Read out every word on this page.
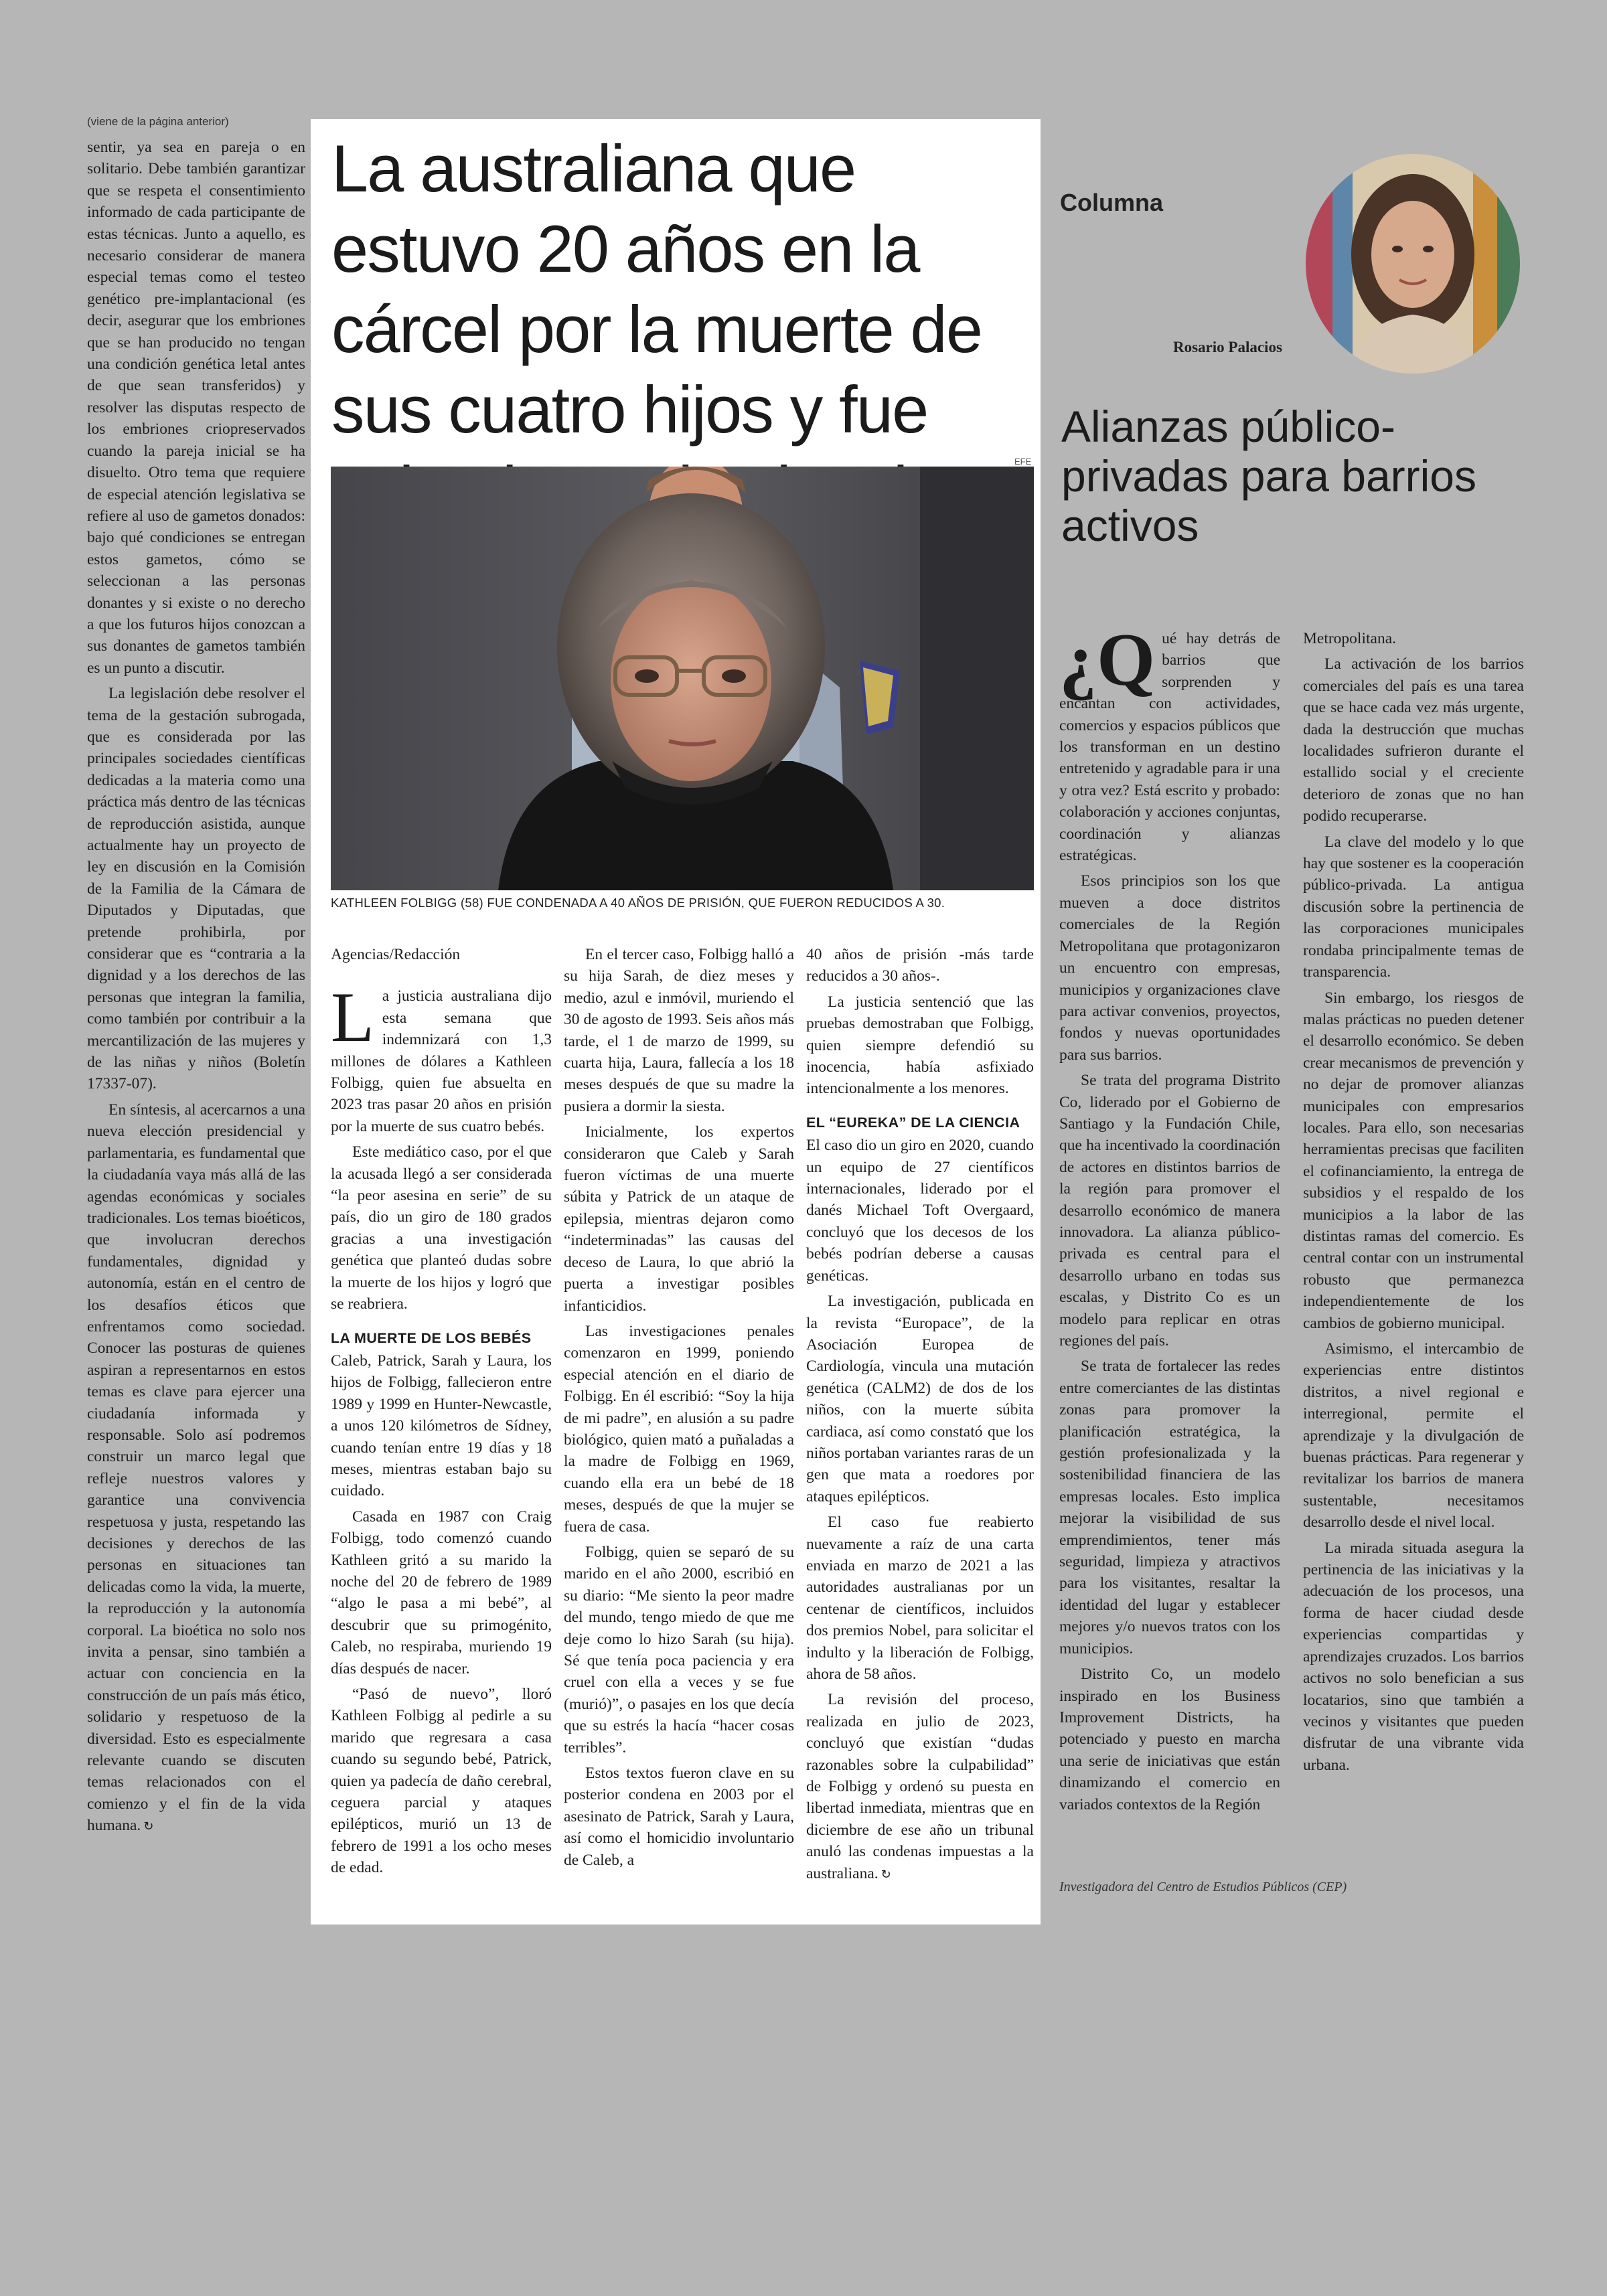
(viene de la página anterior)

sentir, ya sea en pareja o en solitario. Debe también garantizar que se respeta el consentimiento informado de cada participante de estas técnicas. Junto a aquello, es necesario considerar de manera especial temas como el testeo genético pre-implantacional (es decir, asegurar que los embriones que se han producido no tengan una condición genética letal antes de que sean transferidos) y resolver las disputas respecto de los embriones criopreservados cuando la pareja inicial se ha disuelto. Otro tema que requiere de especial atención legislativa se refiere al uso de gametos donados: bajo qué condiciones se entregan estos gametos, cómo se seleccionan a las personas donantes y si existe o no derecho a que los futuros hijos conozcan a sus donantes de gametos también es un punto a discutir.

La legislación debe resolver el tema de la gestación subrogada, que es considerada por las principales sociedades científicas dedicadas a la materia como una práctica más dentro de las técnicas de reproducción asistida, aunque actualmente hay un proyecto de ley en discusión en la Comisión de la Familia de la Cámara de Diputados y Diputadas, que pretende prohibirla, por considerar que es “contraria a la dignidad y a los derechos de las personas que integran la familia, como también por contribuir a la mercantilización de las mujeres y de las niñas y niños (Boletín 17337-07).

En síntesis, al acercarnos a una nueva elección presidencial y parlamentaria, es fundamental que la ciudadanía vaya más allá de las agendas económicas y sociales tradicionales. Los temas bioéticos, que involucran derechos fundamentales, dignidad y autonomía, están en el centro de los desafíos éticos que enfrentamos como sociedad. Conocer las posturas de quienes aspiran a representarnos en estos temas es clave para ejercer una ciudadanía informada y responsable. Solo así podremos construir un marco legal que refleje nuestros valores y garantice una convivencia respetuosa y justa, respetando las decisiones y derechos de las personas en situaciones tan delicadas como la vida, la muerte, la reproducción y la autonomía corporal. La bioética no solo nos invita a pensar, sino también a actuar con conciencia en la construcción de un país más ético, solidario y respetuoso de la diversidad. Esto es especialmente relevante cuando se discuten temas relacionados con el comienzo y el fin de la vida humana. ↻

La australiana que estuvo 20 años en la cárcel por la muerte de sus cuatro hijos y fue
EFE
KATHLEEN FOLBIGG (58) FUE CONDENADA A 40 AÑOS DE PRISIÓN, QUE FUERON REDUCIDOS A 30.
Agencias/Redacción

La justicia australiana dijo esta semana que indemnizará con 1,3 millones de dólares a Kathleen Folbigg, quien fue absuelta en 2023 tras pasar 20 años en prisión por la muerte de sus cuatro bebés.

Este mediático caso, por el que la acusada llegó a ser considerada “la peor asesina en serie” de su país, dio un giro de 180 grados gracias a una investigación genética que planteó dudas sobre la muerte de los hijos y logró que se reabriera.

LA MUERTE DE LOS BEBÉS

Caleb, Patrick, Sarah y Laura, los hijos de Folbigg, fallecieron entre 1989 y 1999 en Hunter-Newcastle, a unos 120 kilómetros de Sídney, cuando tenían entre 19 días y 18 meses, mientras estaban bajo su cuidado.

Casada en 1987 con Craig Folbigg, todo comenzó cuando Kathleen gritó a su marido la noche del 20 de febrero de 1989 “algo le pasa a mi bebé”, al descubrir que su primogénito, Caleb, no respiraba, muriendo 19 días después de nacer.

“Pasó de nuevo”, lloró Kathleen Folbigg al pedirle a su marido que regresara a casa cuando su segundo bebé, Patrick, quien ya padecía de daño cerebral, ceguera parcial y ataques epilépticos, murió un 13 de febrero de 1991 a los ocho meses de edad.

En el tercer caso, Folbigg halló a su hija Sarah, de diez meses y medio, azul e inmóvil, muriendo el 30 de agosto de 1993. Seis años más tarde, el 1 de marzo de 1999, su cuarta hija, Laura, fallecía a los 18 meses después de que su madre la pusiera a dormir la siesta.

Inicialmente, los expertos consideraron que Caleb y Sarah fueron víctimas de una muerte súbita y Patrick de un ataque de epilepsia, mientras dejaron como “indeterminadas” las causas del deceso de Laura, lo que abrió la puerta a investigar posibles infanticidios.

Las investigaciones penales comenzaron en 1999, poniendo especial atención en el diario de Folbigg. En él escribió: “Soy la hija de mi padre”, en alusión a su padre biológico, quien mató a puñaladas a la madre de Folbigg en 1969, cuando ella era un bebé de 18 meses, después de que la mujer se fuera de casa.

Folbigg, quien se separó de su marido en el año 2000, escribió en su diario: “Me siento la peor madre del mundo, tengo miedo de que me deje como lo hizo Sarah (su hija). Sé que tenía poca paciencia y era cruel con ella a veces y se fue (murió)”, o pasajes en los que decía que su estrés la hacía “hacer cosas terribles”.

Estos textos fueron clave en su posterior condena en 2003 por el asesinato de Patrick, Sarah y Laura, así como el homicidio involuntario de Caleb, a

40 años de prisión -más tarde reducidos a 30 años-.

La justicia sentenció que las pruebas demostraban que Folbigg, quien siempre defendió su inocencia, había asfixiado intencionalmente a los menores.

EL “EUREKA” DE LA CIENCIA

El caso dio un giro en 2020, cuando un equipo de 27 científicos internacionales, liderado por el danés Michael Toft Overgaard, concluyó que los decesos de los bebés podrían deberse a causas genéticas.

La investigación, publicada en la revista “Europace”, de la Asociación Europea de Cardiología, vincula una mutación genética (CALM2) de dos de los niños, con la muerte súbita cardiaca, así como constató que los niños portaban variantes raras de un gen que mata a roedores por ataques epilépticos.

El caso fue reabierto nuevamente a raíz de una carta enviada en marzo de 2021 a las autoridades australianas por un centenar de científicos, incluidos dos premios Nobel, para solicitar el indulto y la liberación de Folbigg, ahora de 58 años.

La revisión del proceso, realizada en julio de 2023, concluyó que existían “dudas razonables sobre la culpabilidad” de Folbigg y ordenó su puesta en libertad inmediata, mientras que en diciembre de ese año un tribunal anuló las condenas impuestas a la australiana. ↻

Columna
Rosario Palacios
Alianzas público-privadas para barrios activos

¿Q ué hay detrás de barrios que sorprenden y encantan con actividades, comercios y espacios públicos que los transforman en un destino entretenido y agradable para ir una y otra vez? Está escrito y probado: colaboración y acciones conjuntas, coordinación y alianzas estratégicas.

Esos principios son los que mueven a doce distritos comerciales de la Región Metropolitana que protagonizaron un encuentro con empresas, municipios y organizaciones clave para activar convenios, proyectos, fondos y nuevas oportunidades para sus barrios.

Se trata del programa Distrito Co, liderado por el Gobierno de Santiago y la Fundación Chile, que ha incentivado la coordinación de actores en distintos barrios de la región para promover el desarrollo económico de manera innovadora. La alianza público-privada es central para el desarrollo urbano en todas sus escalas, y Distrito Co es un modelo para replicar en otras regiones del país.

Se trata de fortalecer las redes entre comerciantes de las distintas zonas para promover la planificación estratégica, la gestión profesionalizada y la sostenibilidad financiera de las empresas locales. Esto implica mejorar la visibilidad de sus emprendimientos, tener más seguridad, limpieza y atractivos para los visitantes, resaltar la identidad del lugar y establecer mejores y/o nuevos tratos con los municipios.

Distrito Co, un modelo inspirado en los Business Improvement Districts, ha potenciado y puesto en marcha una serie de iniciativas que están dinamizando el comercio en variados contextos de la Región

Metropolitana.

La activación de los barrios comerciales del país es una tarea que se hace cada vez más urgente, dada la destrucción que muchas localidades sufrieron durante el estallido social y el creciente deterioro de zonas que no han podido recuperarse.

La clave del modelo y lo que hay que sostener es la cooperación público-privada. La antigua discusión sobre la pertinencia de las corporaciones municipales rondaba principalmente temas de transparencia.

Sin embargo, los riesgos de malas prácticas no pueden detener el desarrollo económico. Se deben crear mecanismos de prevención y no dejar de promover alianzas municipales con empresarios locales. Para ello, son necesarias herramientas precisas que faciliten el cofinanciamiento, la entrega de subsidios y el respaldo de los municipios a la labor de las distintas ramas del comercio. Es central contar con un instrumental robusto que permanezca independientemente de los cambios de gobierno municipal.

Asimismo, el intercambio de experiencias entre distintos distritos, a nivel regional e interregional, permite el aprendizaje y la divulgación de buenas prácticas. Para regenerar y revitalizar los barrios de manera sustentable, necesitamos desarrollo desde el nivel local.

La mirada situada asegura la pertinencia de las iniciativas y la adecuación de los procesos, una forma de hacer ciudad desde experiencias compartidas y aprendizajes cruzados. Los barrios activos no solo benefician a sus locatarios, sino que también a vecinos y visitantes que pueden disfrutar de una vibrante vida urbana.

Investigadora del Centro de Estudios Públicos (CEP)
